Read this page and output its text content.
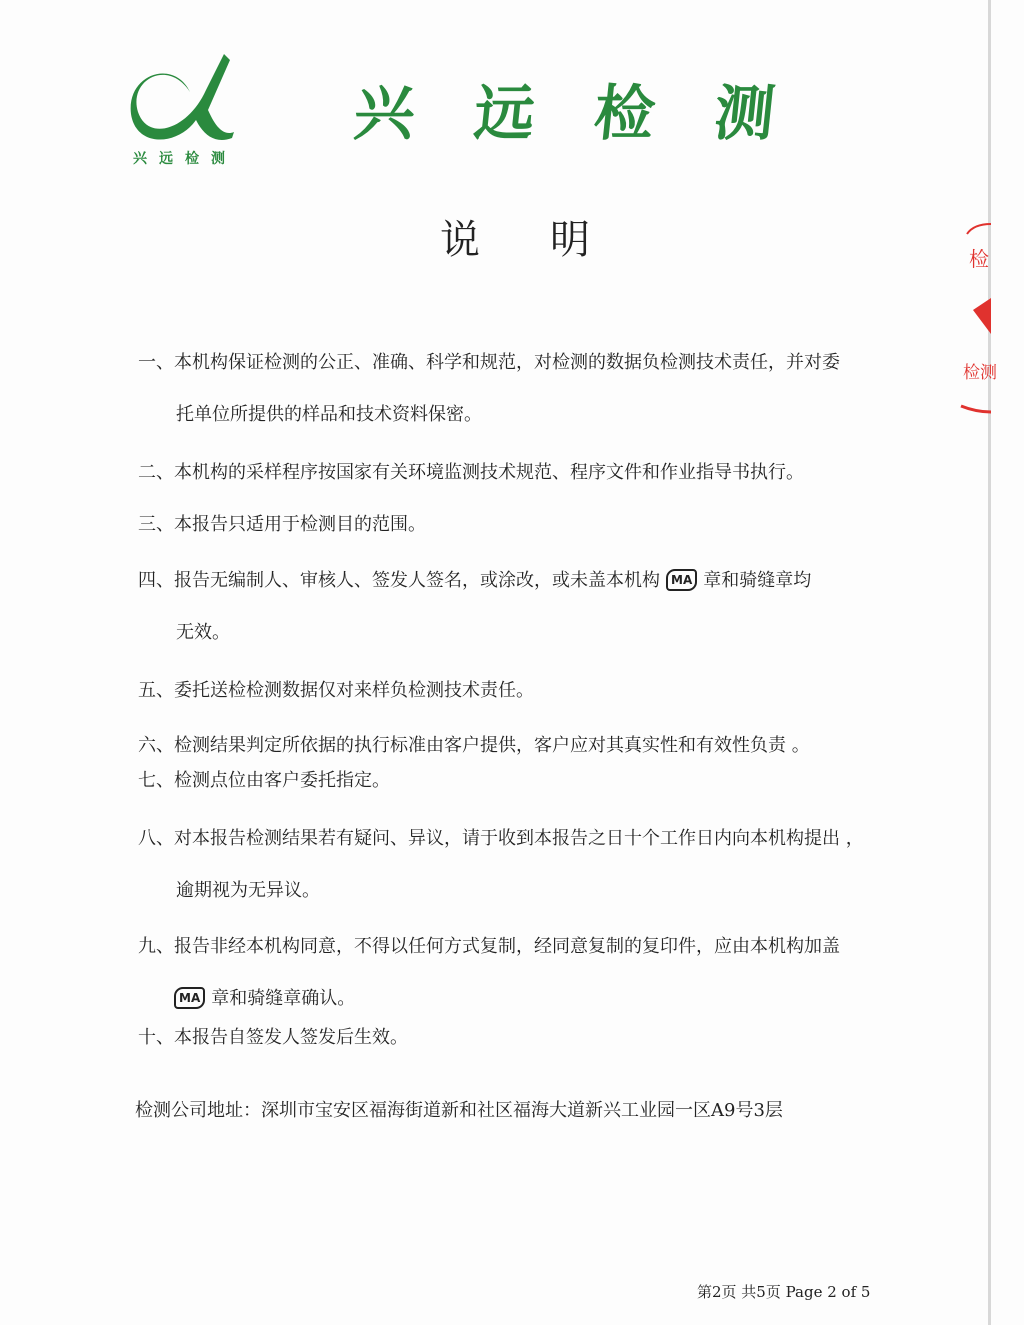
兴远检测
兴 远 检 测
说明
一、本机构保证检测的公正、准确、科学和规范，对检测的数据负检测技术责任，并对委
托单位所提供的样品和技术资料保密。
二、本机构的采样程序按国家有关环境监测技术规范、程序文件和作业指导书执行。
三、本报告只适用于检测目的范围。
四、报告无编制人、审核人、签发人签名，或涂改，或未盖本机构 MA 章和骑缝章均
无效。
五、委托送检检测数据仅对来样负检测技术责任。
六、检测结果判定所依据的执行标准由客户提供，客户应对其真实性和有效性负责 。
七、检测点位由客户委托指定。
八、对本报告检测结果若有疑问、异议，请于收到本报告之日十个工作日内向本机构提出 ，
逾期视为无异议。
九、报告非经本机构同意，不得以任何方式复制，经同意复制的复印件，应由本机构加盖
MA 章和骑缝章确认。
十、本报告自签发人签发后生效。
检测公司地址：深圳市宝安区福海街道新和社区福海大道新兴工业园一区A9号3层
第2页 共5页 Page 2 of 5
检
检测
